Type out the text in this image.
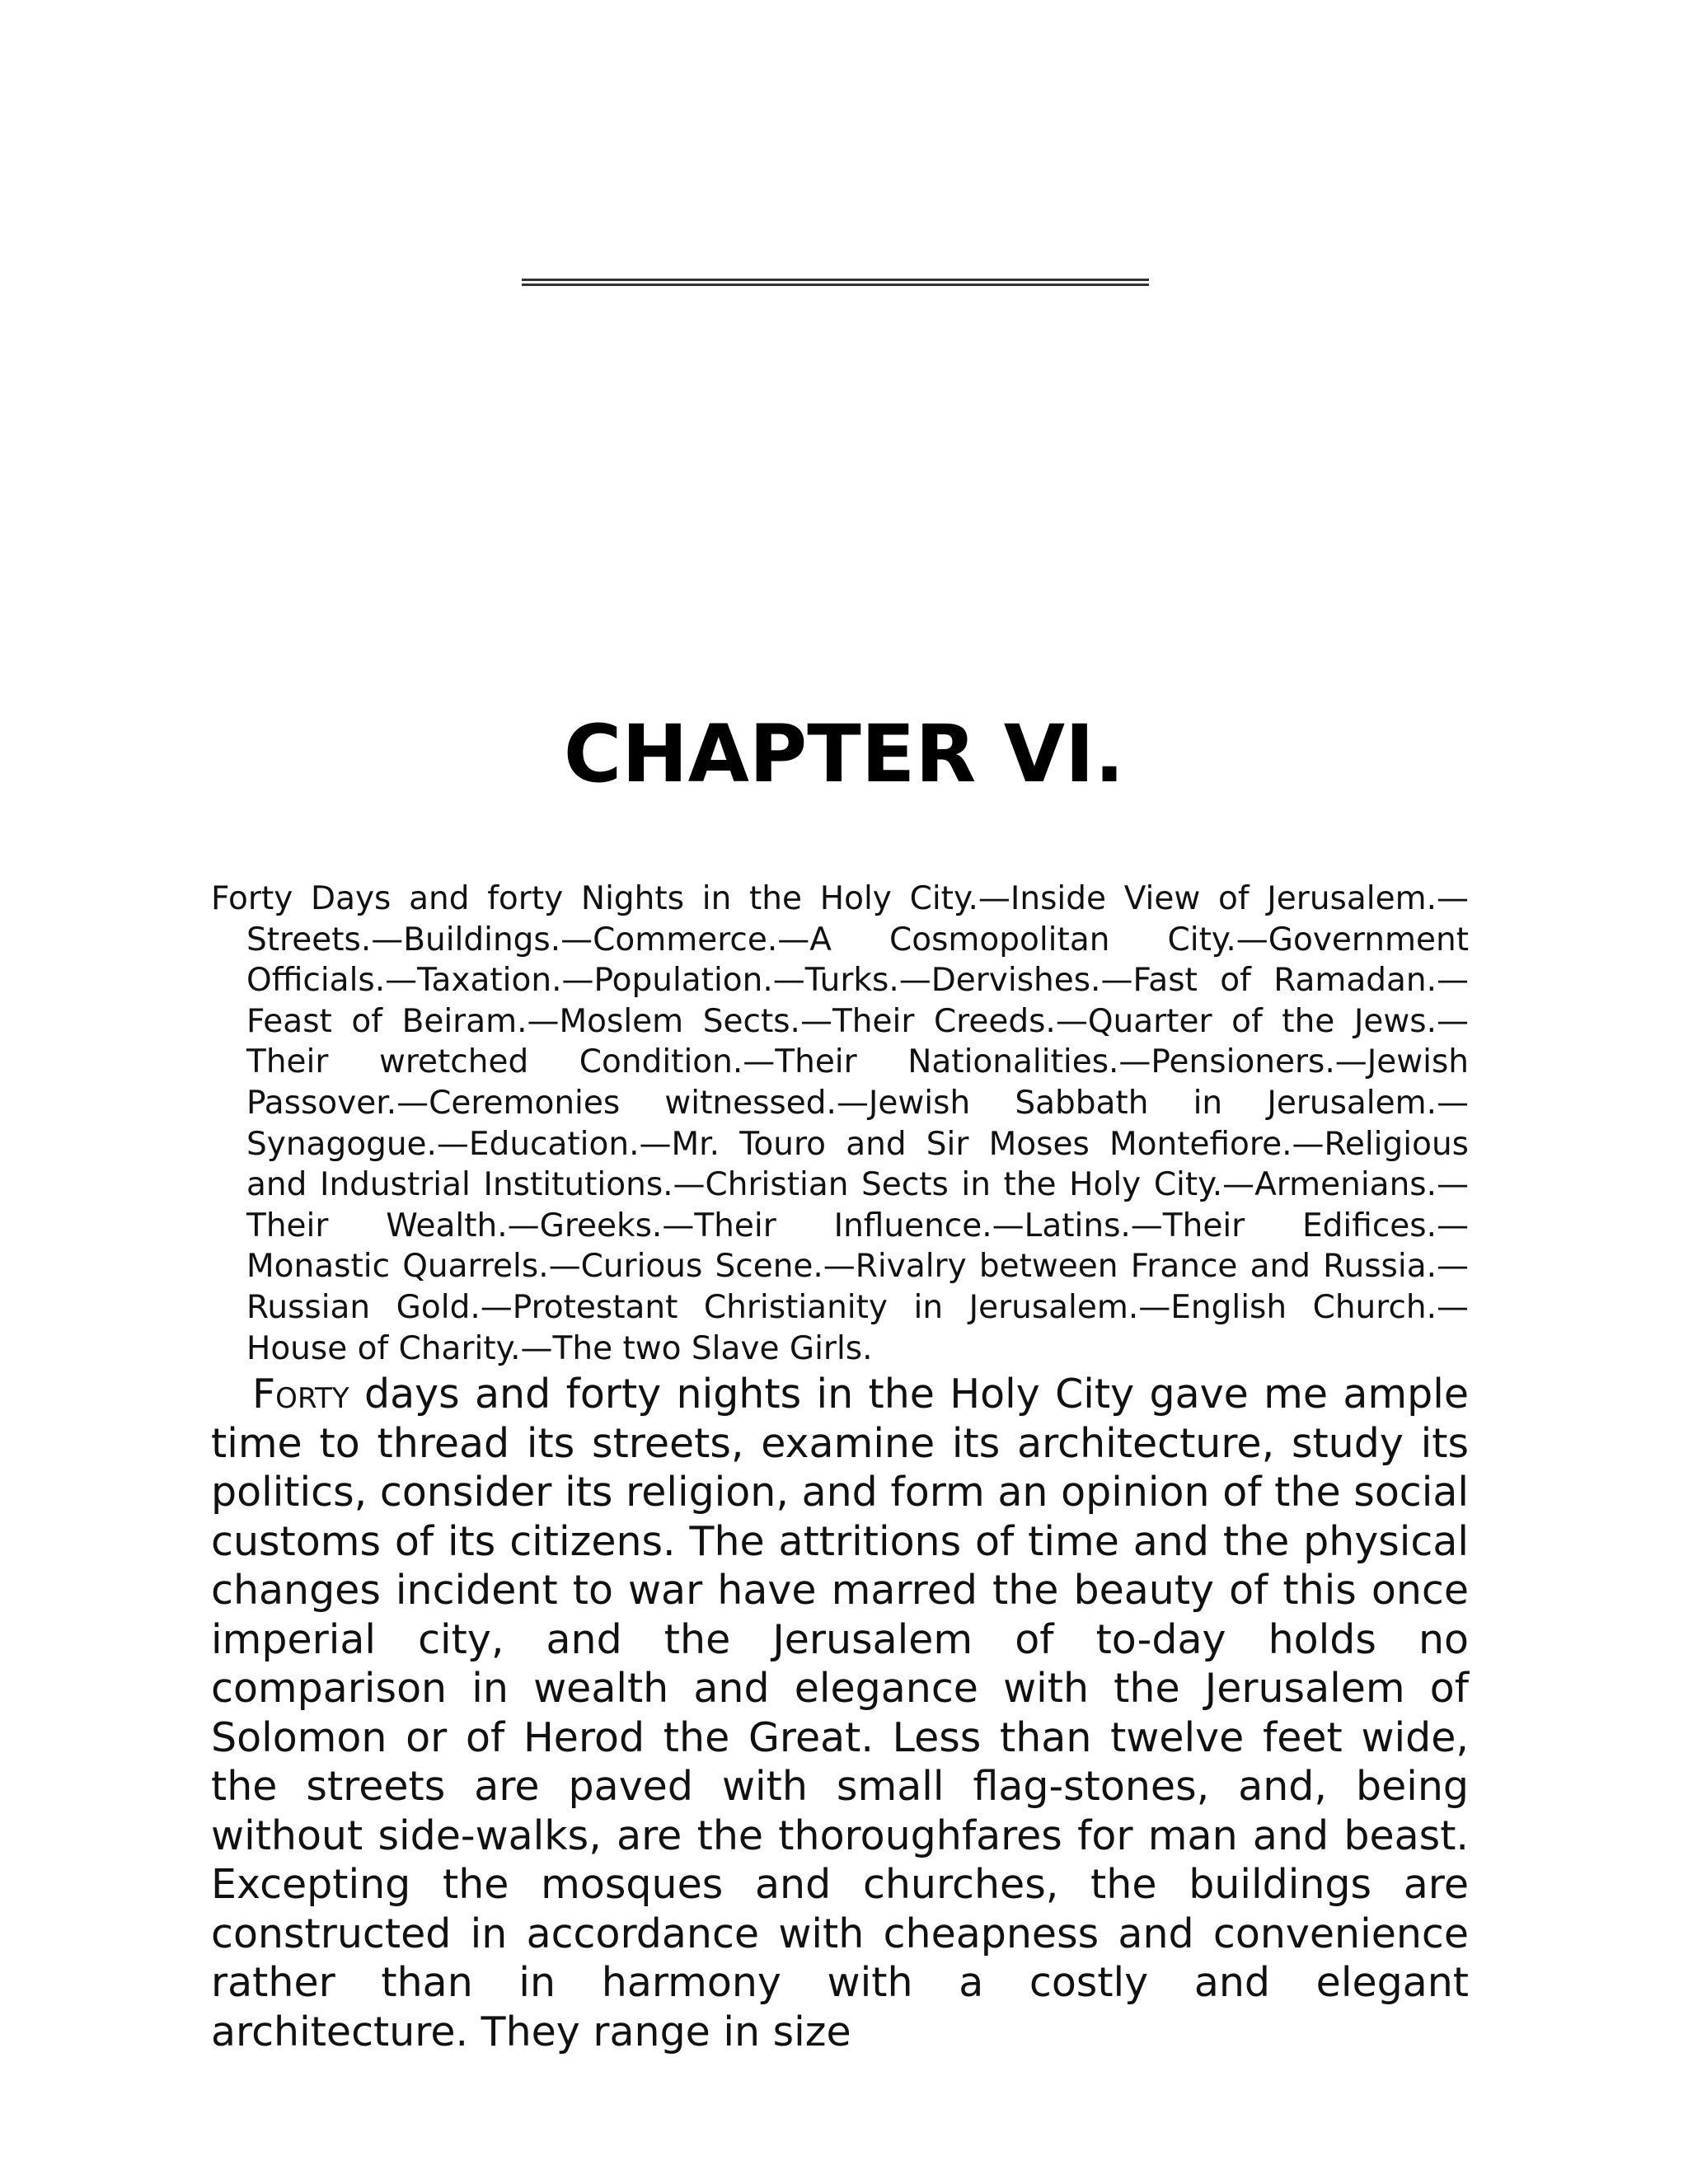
CHAPTER VI.

Forty Days and forty Nights in the Holy City.—Inside View of Jerusalem.—Streets.—Buildings.—Commerce.—A Cosmopolitan City.—Government Officials.—Taxation.—Population.—Turks.—Dervishes.—Fast of Ramadan.—Feast of Beiram.—Moslem Sects.—Their Creeds.—Quarter of the Jews.—Their wretched Condition.—Their Nationalities.—Pensioners.—Jewish Passover.—Ceremonies witnessed.—Jewish Sabbath in Jerusalem.—Synagogue.—Education.—Mr. Touro and Sir Moses Montefiore.—Religious and Industrial Institutions.—Christian Sects in the Holy City.—Armenians.—Their Wealth.—Greeks.—Their Influence.—Latins.—Their Edifices.—Monastic Quarrels.—Curious Scene.—Rivalry between France and Russia.—Russian Gold.—Protestant Christianity in Jerusalem.—English Church.—House of Charity.—The two Slave Girls.

Forty days and forty nights in the Holy City gave me ample time to thread its streets, examine its architecture, study its politics, consider its religion, and form an opinion of the social customs of its citizens. The attritions of time and the physical changes incident to war have marred the beauty of this once imperial city, and the Jerusalem of to-day holds no comparison in wealth and elegance with the Jerusalem of Solomon or of Herod the Great. Less than twelve feet wide, the streets are paved with small flag-stones, and, being without side-walks, are the thoroughfares for man and beast. Excepting the mosques and churches, the buildings are constructed in accordance with cheapness and convenience rather than in harmony with a costly and elegant architecture. They range in size
